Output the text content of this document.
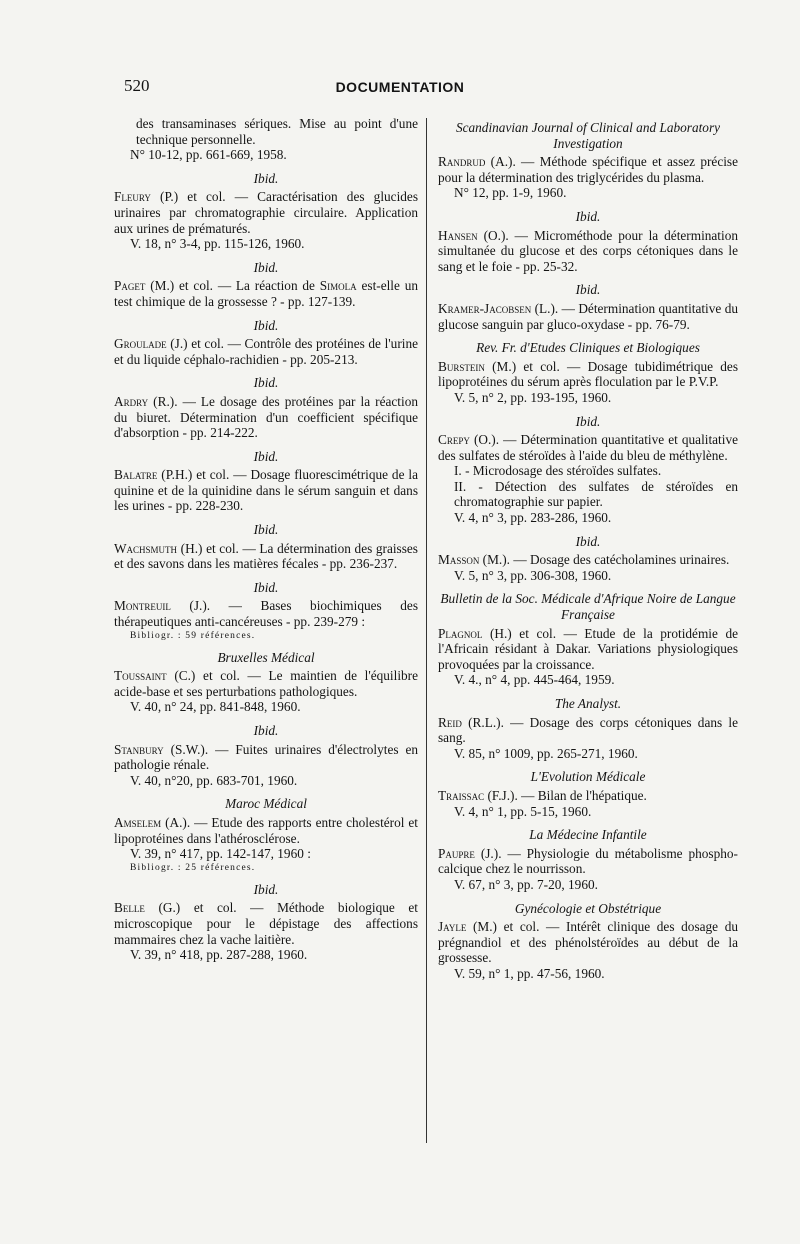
520	DOCUMENTATION

des transaminases sériques. Mise au point d'une technique personnelle.

N° 10-12, pp. 661-669, 1958.

Ibid.

Fleury (P.) et col. — Caractérisation des glucides urinaires par chromatographie circulaire. Application aux urines de prématurés.

V. 18, n° 3-4, pp. 115-126, 1960.

Ibid.

Paget (M.) et col. — La réaction de Simola est-elle un test chimique de la grossesse ? - pp. 127-139.

Ibid.

Groulade (J.) et col. — Contrôle des protéines de l'urine et du liquide céphalo-rachidien - pp. 205-213.

Ibid.

Ardry (R.). — Le dosage des protéines par la réaction du biuret. Détermination d'un coefficient spécifique d'absorption - pp. 214-222.

Ibid.

Balatre (P.H.) et col. — Dosage fluorescimétrique de la quinine et de la quinidine dans le sérum sanguin et dans les urines - pp. 228-230.

Ibid.

Wachsmuth (H.) et col. — La détermination des graisses et des savons dans les matières fécales - pp. 236-237.

Ibid.

Montreuil (J.). — Bases biochimiques des thérapeutiques anti-cancéreuses - pp. 239-279 :

Bibliogr. : 59 références.

Bruxelles Médical

Toussaint (C.) et col. — Le maintien de l'équilibre acide-base et ses perturbations pathologiques.

V. 40, n° 24, pp. 841-848, 1960.

Ibid.

Stanbury (S.W.). — Fuites urinaires d'électrolytes en pathologie rénale.

V. 40, n°20, pp. 683-701, 1960.

Maroc Médical

Amselem (A.). — Etude des rapports entre cholestérol et lipoprotéines dans l'athérosclérose.

V. 39, n° 417, pp. 142-147, 1960 :

Bibliogr. : 25 références.

Ibid.

Belle (G.) et col. — Méthode biologique et microscopique pour le dépistage des affections mammaires chez la vache laitière.

V. 39, n° 418, pp. 287-288, 1960.

Scandinavian Journal of Clinical and Laboratory Investigation

Randrud (A.). — Méthode spécifique et assez précise pour la détermination des triglycérides du plasma.

N° 12, pp. 1-9, 1960.

Ibid.

Hansen (O.). — Microméthode pour la détermination simultanée du glucose et des corps cétoniques dans le sang et le foie - pp. 25-32.

Ibid.

Kramer-Jacobsen (L.). — Détermination quantitative du glucose sanguin par gluco-oxydase - pp. 76-79.

Rev. Fr. d'Etudes Cliniques et Biologiques

Burstein (M.) et col. — Dosage tubidimétrique des lipoprotéines du sérum après floculation par le P.V.P.

V. 5, n° 2, pp. 193-195, 1960.

Ibid.

Crepy (O.). — Détermination quantitative et qualitative des sulfates de stéroïdes à l'aide du bleu de méthylène.

I. - Microdosage des stéroïdes sulfates.

II. - Détection des sulfates de stéroïdes en chromatographie sur papier.

V. 4, n° 3, pp. 283-286, 1960.

Ibid.

Masson (M.). — Dosage des catécholamines urinaires.

V. 5, n° 3, pp. 306-308, 1960.

Bulletin de la Soc. Médicale d'Afrique Noire de Langue Française

Plagnol (H.) et col. — Etude de la protidémie de l'Africain résidant à Dakar. Variations physiologiques provoquées par la croissance.

V. 4., n° 4, pp. 445-464, 1959.

The Analyst.

Reid (R.L.). — Dosage des corps cétoniques dans le sang.

V. 85, n° 1009, pp. 265-271, 1960.

L'Evolution Médicale

Traissac (F.J.). — Bilan de l'hépatique.

V. 4, n° 1, pp. 5-15, 1960.

La Médecine Infantile

Paupre (J.). — Physiologie du métabolisme phospho-calcique chez le nourrisson.

V. 67, n° 3, pp. 7-20, 1960.

Gynécologie et Obstétrique

Jayle (M.) et col. — Intérêt clinique des dosage du prégnandiol et des phénolstéroïdes au début de la grossesse.

V. 59, n° 1, pp. 47-56, 1960.
